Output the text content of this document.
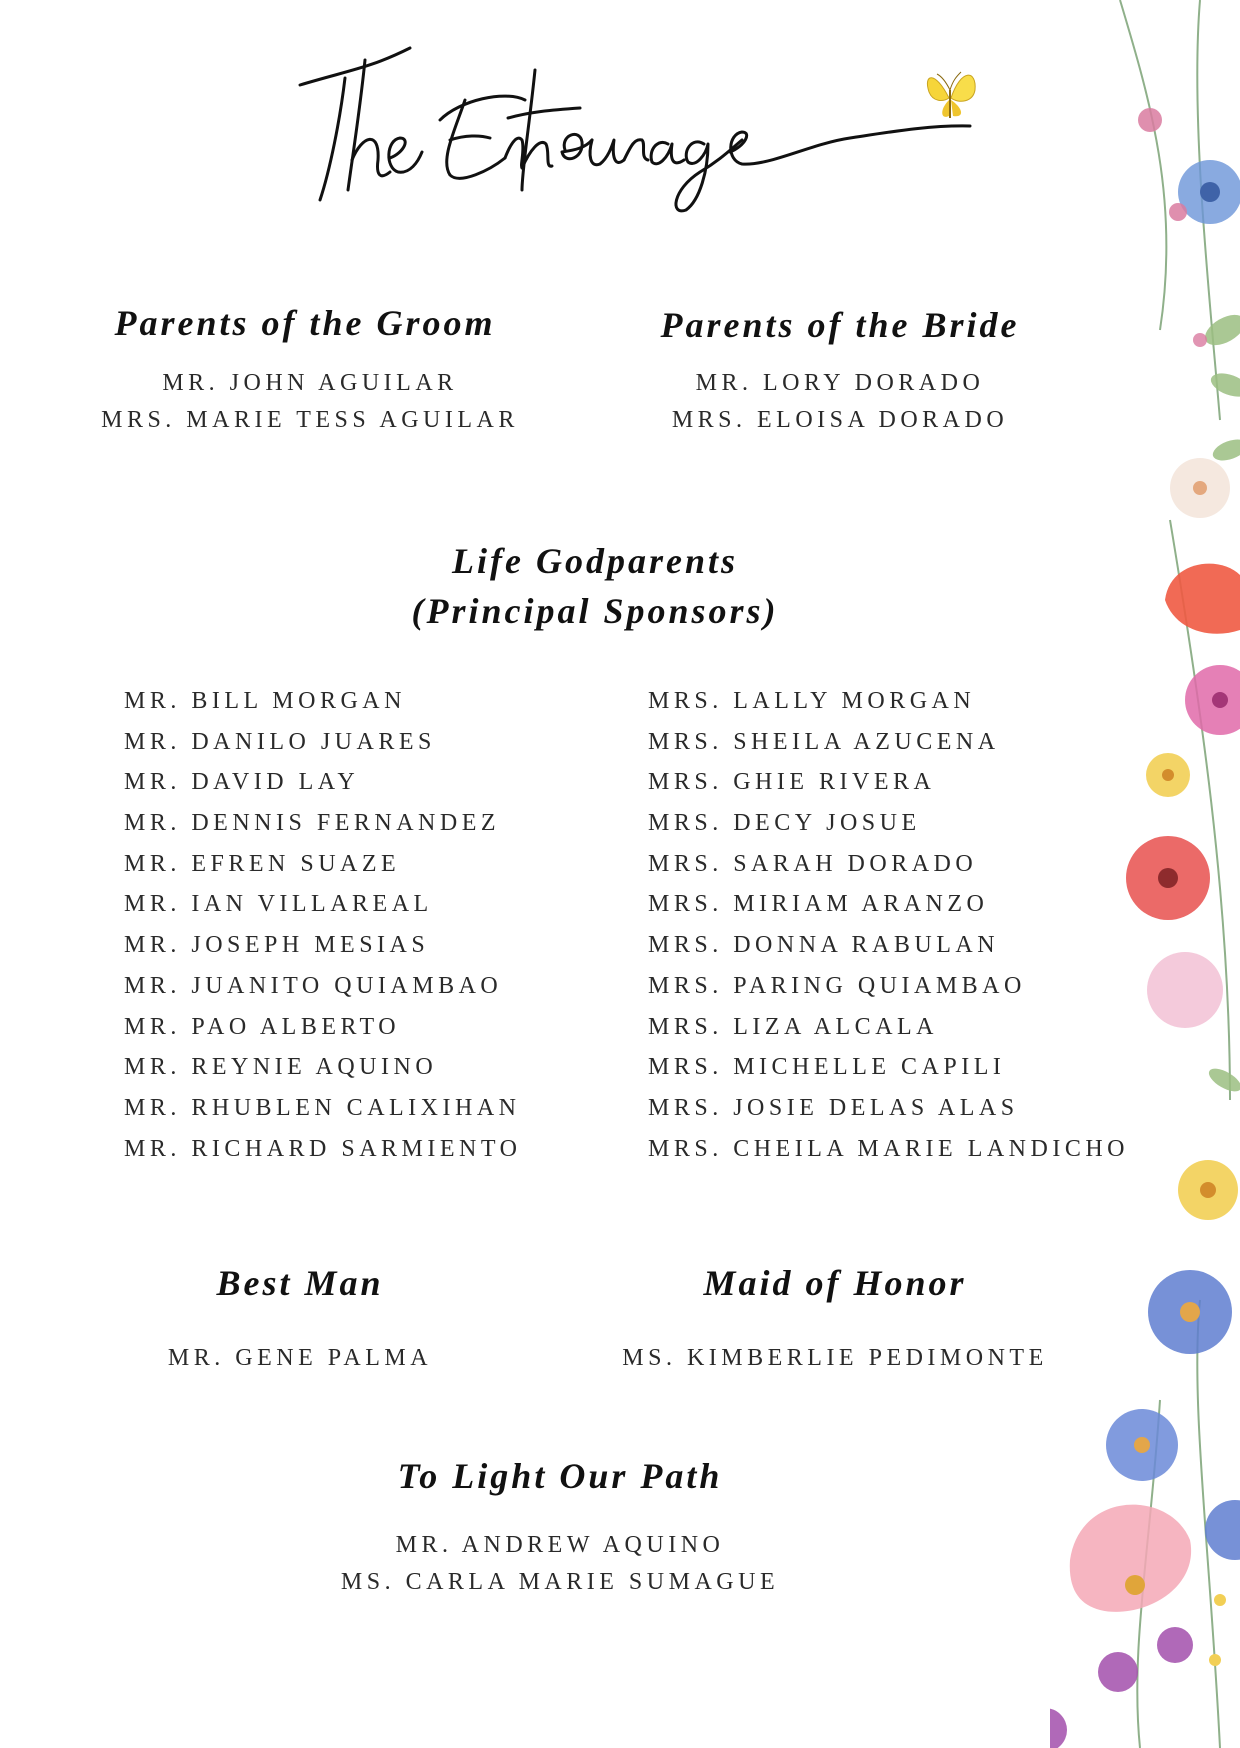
Parents of the Groom
MR. JOHN AGUILAR
MRS. MARIE TESS AGUILAR
Parents of the Bride
MR. LORY DORADO
MRS. ELOISA DORADO
Life Godparents
(Principal Sponsors)
MR. BILL MORGAN
MR. DANILO JUARES
MR. DAVID LAY
MR. DENNIS FERNANDEZ
MR. EFREN SUAZE
MR. IAN VILLAREAL
MR. JOSEPH MESIAS
MR. JUANITO QUIAMBAO
MR. PAO ALBERTO
MR. REYNIE AQUINO
MR. RHUBLEN CALIXIHAN
MR. RICHARD SARMIENTO
MRS. LALLY MORGAN
MRS. SHEILA AZUCENA
MRS. GHIE RIVERA
MRS. DECY JOSUE
MRS. SARAH DORADO
MRS. MIRIAM ARANZO
MRS. DONNA RABULAN
MRS. PARING QUIAMBAO
MRS. LIZA ALCALA
MRS. MICHELLE CAPILI
MRS. JOSIE DELAS ALAS
MRS. CHEILA MARIE LANDICHO
Best Man
MR. GENE PALMA
Maid of Honor
MS. KIMBERLIE PEDIMONTE
To Light Our Path
MR. ANDREW AQUINO
MS. CARLA MARIE SUMAGUE
